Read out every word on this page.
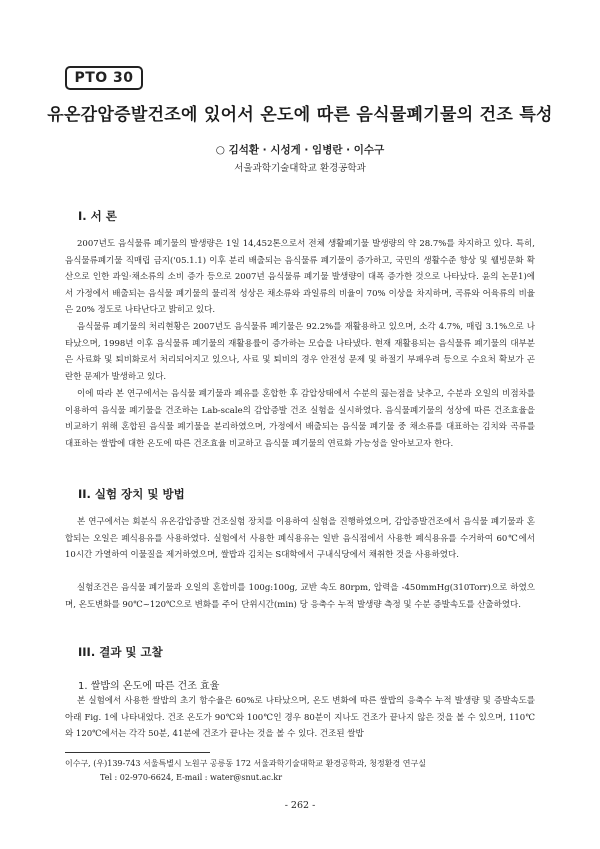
PTO 30
유온감압증발건조에 있어서 온도에 따른 음식물폐기물의 건조 특성
○ 김석환 · 시성게 · 임병란 · 이수구
서울과학기술대학교 환경공학과
I. 서 론

2007년도 음식물류 폐기물의 발생량은 1일 14,452톤으로서 전체 생활폐기물 발생량의 약 28.7%를 차지하고 있다. 특히, 음식물류폐기물 직매립 금지('05.1.1) 이후 분리 배출되는 음식물류 폐기물이 증가하고, 국민의 생활수준 향상 및 웰빙문화 확산으로 인한 과일·채소류의 소비 증가 등으로 2007년 음식물류 폐기물 발생량이 대폭 증가한 것으로 나타났다. 윤의 논문1)에서 가정에서 배출되는 음식물 폐기물의 물리적 성상은 채소류와 과일류의 비율이 70% 이상을 차지하며, 곡류와 어육류의 비율은 20% 정도로 나타난다고 밝히고 있다.

음식물류 폐기물의 처리현황은 2007년도 음식물류 폐기물은 92.2%를 재활용하고 있으며, 소각 4.7%, 매립 3.1%으로 나타났으며, 1998년 이후 음식물류 폐기물의 재활용률이 증가하는 모습을 나타냈다. 현재 재활용되는 음식물류 폐기물의 대부분은 사료화 및 퇴비화로서 처리되어지고 있으나, 사료 및 퇴비의 경우 안전성 문제 및 하절기 부패우려 등으로 수요처 확보가 곤란한 문제가 발생하고 있다.

이에 따라 본 연구에서는 음식물 폐기물과 폐유를 혼합한 후 감압상태에서 수분의 끓는점을 낮추고, 수분과 오일의 비점차를 이용하여 음식물 폐기물을 건조하는 Lab-scale의 감압증발 건조 실험을 실시하였다. 음식물폐기물의 성상에 따른 건조효율을 비교하기 위해 혼합된 음식물 폐기물을 분리하였으며, 가정에서 배출되는 음식물 폐기물 중 채소류를 대표하는 김치와 곡류를 대표하는 쌀밥에 대한 온도에 따른 건조효율 비교하고 음식물 폐기물의 연료화 가능성을 알아보고자 한다.

II. 실험 장치 및 방법

본 연구에서는 회분식 유온감압증발 건조실험 장치를 이용하여 실험을 진행하였으며, 감압증발건조에서 음식물 폐기물과 혼합되는 오일은 폐식용유를 사용하였다. 실험에서 사용한 폐식용유는 일반 음식점에서 사용한 폐식용유를 수거하여 60℃에서 10시간 가열하여 이물질을 제거하였으며, 쌀밥과 김치는 S대학에서 구내식당에서 채취한 것을 사용하였다.

실험조건은 음식물 폐기물과 오일의 혼합비를 100g:100g, 교반 속도 80rpm, 압력을 -450mmHg(310Torr)으로 하였으며, 온도변화를 90℃~120℃으로 변화를 주어 단위시간(min) 당 응축수 누적 발생량 측정 및 수분 증발속도를 산출하였다.

III. 결과 및 고찰
1. 쌀밥의 온도에 따른 건조 효율

본 실험에서 사용한 쌀밥의 초기 함수율은 60%로 나타났으며, 온도 변화에 따른 쌀밥의 응축수 누적 발생량 및 증발속도를 아래 Fig. 1에 나타내었다. 건조 온도가 90℃와 100℃인 경우 80분이 지나도 건조가 끝나지 않은 것을 볼 수 있으며, 110℃와 120℃에서는 각각 50분, 41분에 건조가 끝나는 것을 볼 수 있다. 건조된 쌀밥

이수구, (우)139-743 서울특별시 노원구 공릉동 172 서울과학기술대학교 환경공학과, 청정환경 연구실
Tel : 02-970-6624, E-mail : water@snut.ac.kr
- 262 -
